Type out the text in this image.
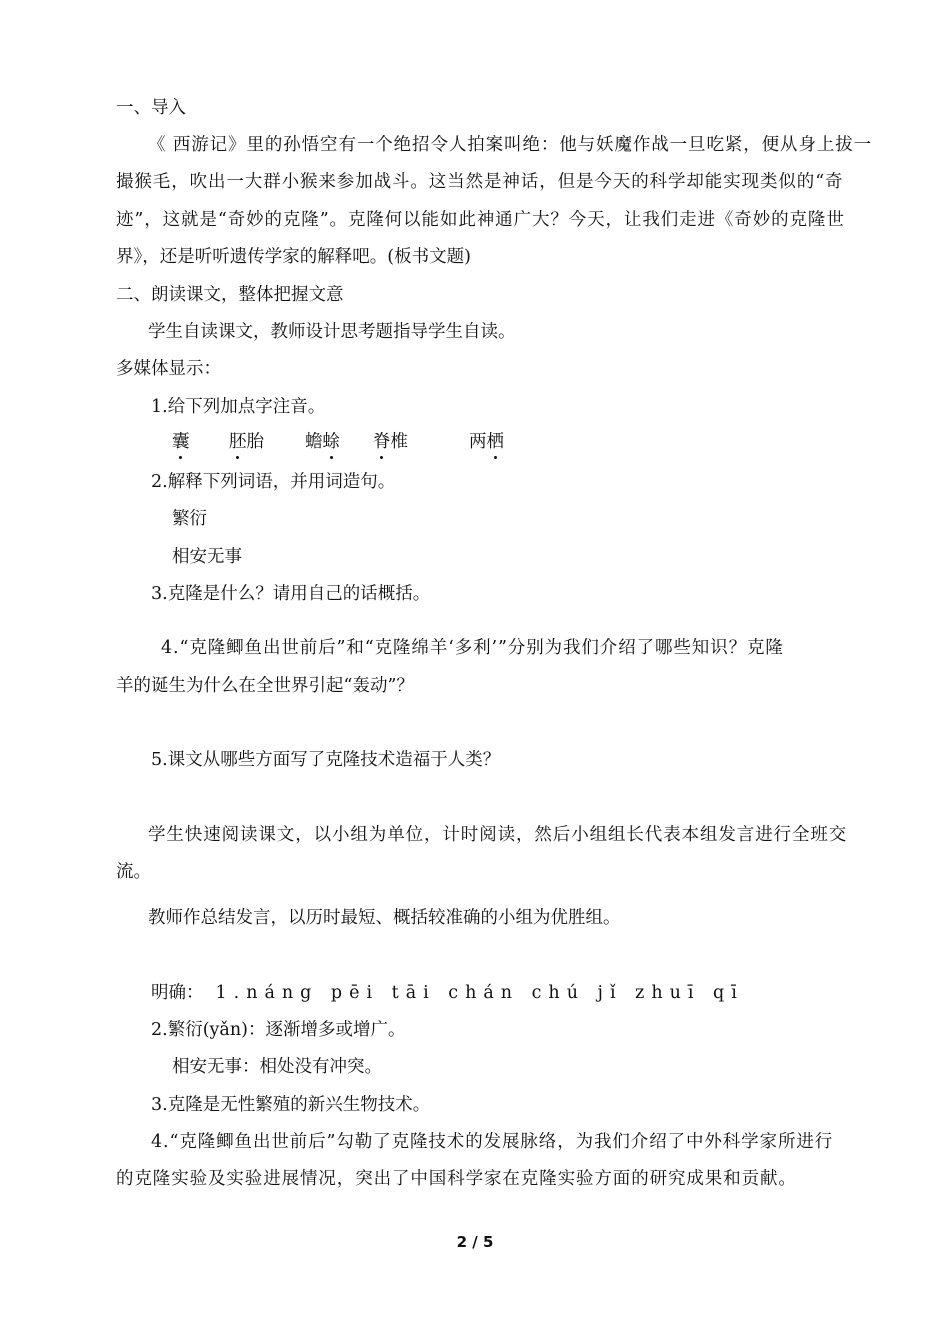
一、导入
《 西游记》里的孙悟空有一个绝招令人拍案叫绝：他与妖魔作战一旦吃紧，便从身上拔一
撮猴毛，吹出一大群小猴来参加战斗。这当然是神话，但是今天的科学却能实现类似的“奇
迹”，这就是“奇妙的克隆”。克隆何以能如此神通广大？今天，让我们走进《奇妙的克隆世
界》，还是听听遗传学家的解释吧。(板书文题)
二、朗读课文，整体把握文意
学生自读课文，教师设计思考题指导学生自读。
多媒体显示：
1.给下列加点字注音。
囊 胚胎 蟾蜍 脊椎	两栖
2.解释下列词语，并用词造句。
繁衍
相安无事
3.克隆是什么？请用自己的话概括。
4.“克隆鲫鱼出世前后”和“克隆绵羊‘多利’”分别为我们介绍了哪些知识？克隆
羊的诞生为什么在全世界引起“轰动”？
5.课文从哪些方面写了克隆技术造福于人类？
学生快速阅读课文，以小组为单位，计时阅读，然后小组组长代表本组发言进行全班交
流。
教师作总结发言，以历时最短、概括较准确的小组为优胜组。
明确： 1.náng pēi tāi chán chú jǐ zhuī qī
2.繁衍(yǎn)：逐渐增多或增广。
相安无事：相处没有冲突。
3.克隆是无性繁殖的新兴生物技术。
4.“克隆鲫鱼出世前后”勾勒了克隆技术的发展脉络，为我们介绍了中外科学家所进行
的克隆实验及实验进展情况，突出了中国科学家在克隆实验方面的研究成果和贡献。
2 / 5
